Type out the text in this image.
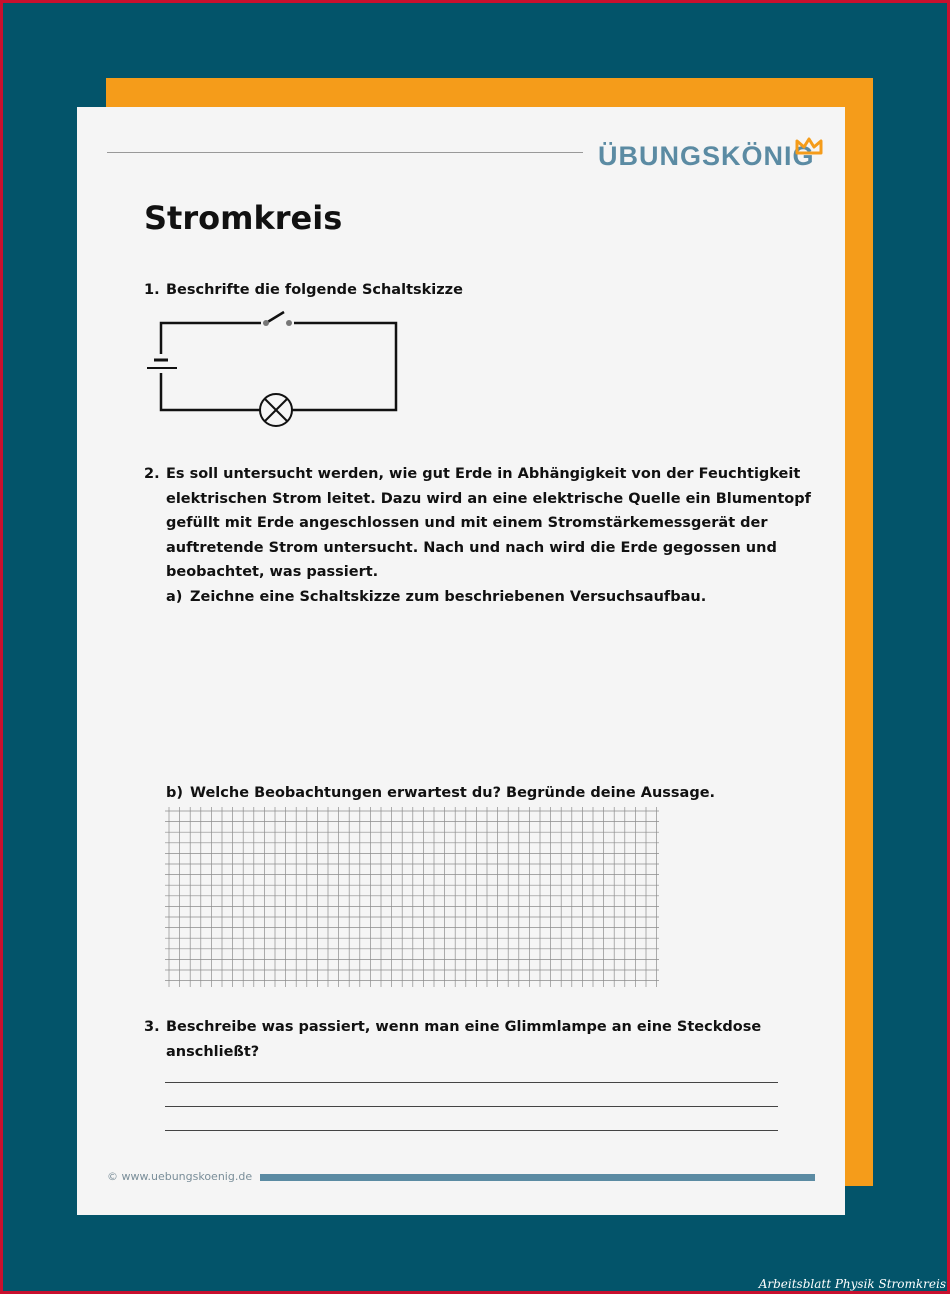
ÜBUNGSKÖNIG
Stromkreis
1. Beschrifte die folgende Schaltskizze
2. Es soll untersucht werden, wie gut Erde in Abhängigkeit von der Feuchtigkeit
elektrischen Strom leitet. Dazu wird an eine elektrische Quelle ein Blumentopf
gefüllt mit Erde angeschlossen und mit einem Stromstärkemessgerät der
auftretende Strom untersucht. Nach und nach wird die Erde gegossen und
beobachtet, was passiert.
a) Zeichne eine Schaltskizze zum beschriebenen Versuchsaufbau.
b) Welche Beobachtungen erwartest du? Begründe deine Aussage.
3. Beschreibe was passiert, wenn man eine Glimmlampe an eine Steckdose
anschließt?
© www.uebungskoenig.de
Arbeitsblatt Physik Stromkreis
